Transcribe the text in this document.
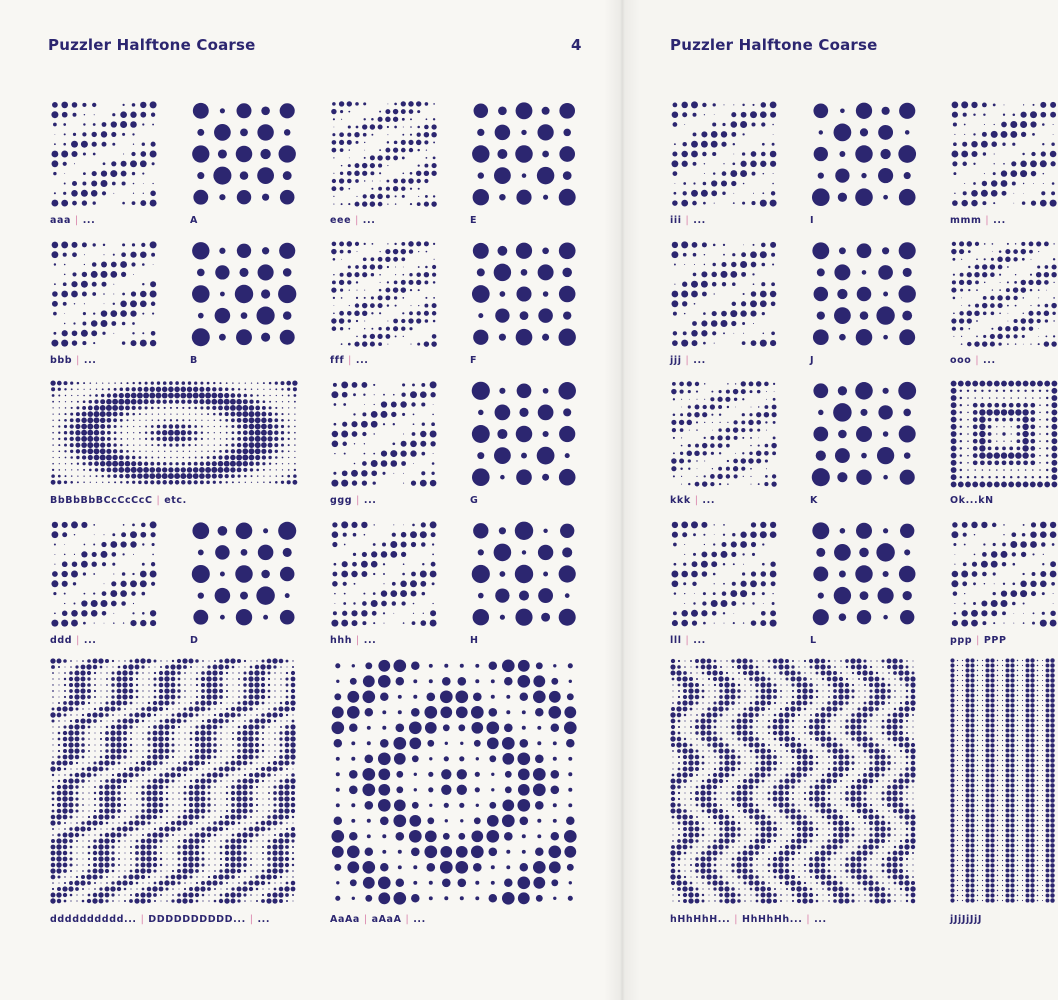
Puzzler Halftone Coarse	4
aaa | ...	A	eee | ...	E
bbb | ...	B	fff | ...	F
BbBbBbBCcCcCcC | etc.	ggg | ...	G
ddd | ...	D	hhh | ...	H
dddddddddd... | DDDDDDDDDD... | ...	AaAa | aAaA | ...
Puzzler Halftone Coarse
iii | ...	I	mmm | ...
jjj | ...	J	ooo | ...
kkk | ...	K	Ok...kN
lll | ...	L	ppp | PPP
hHhHhH... | HhHhHh... | ...	jJjJjJjJ
